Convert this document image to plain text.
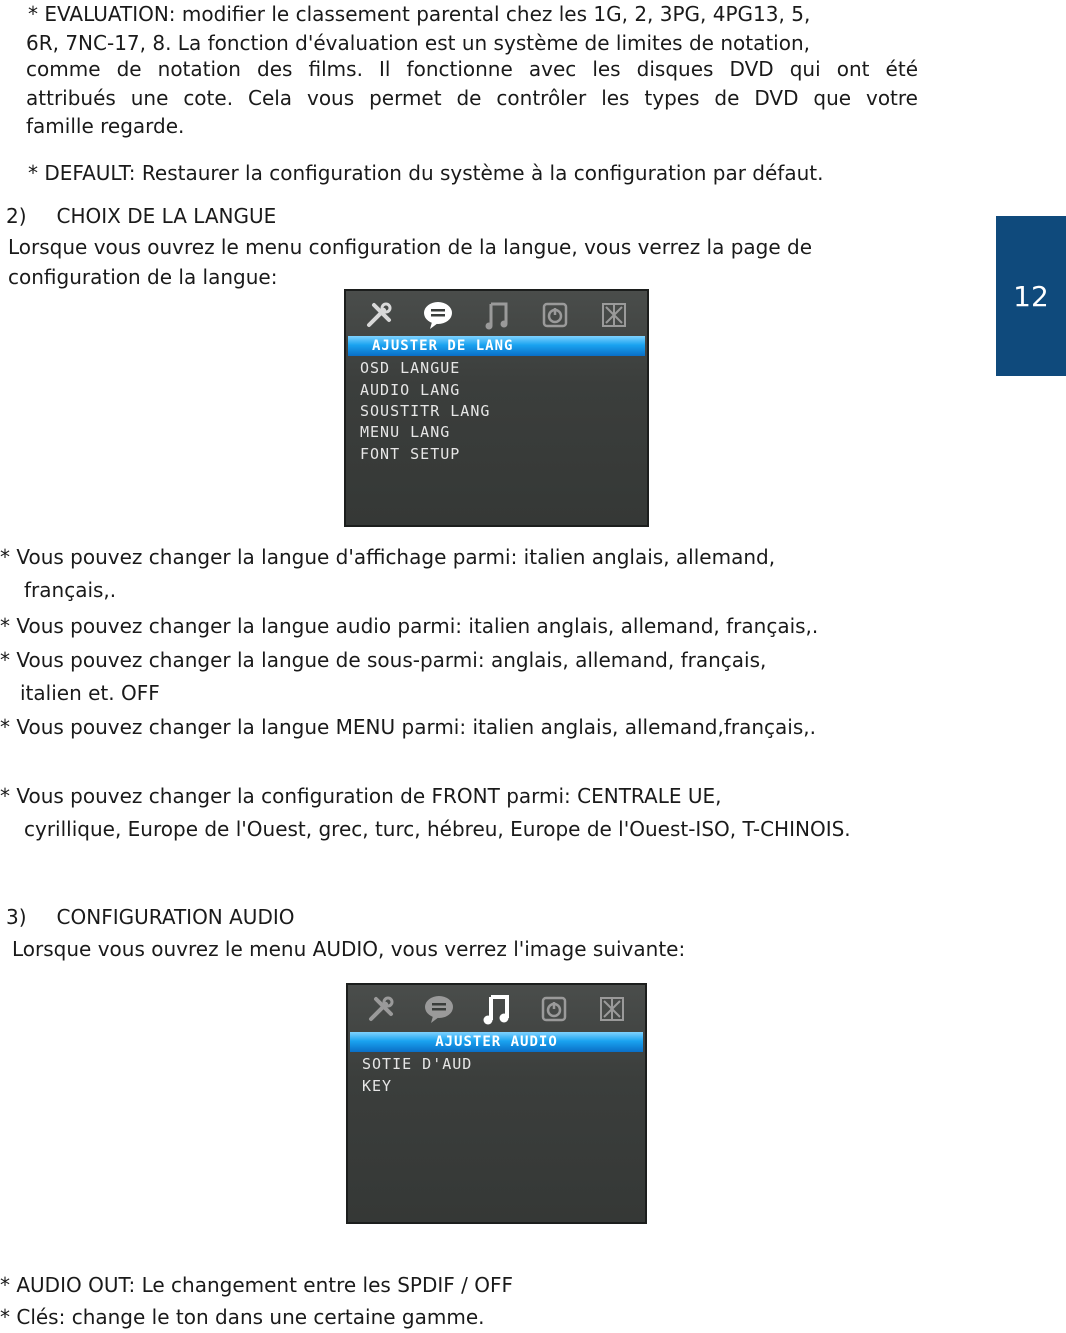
12
* EVALUATION: modifier le classement parental chez les 1G, 2, 3PG, 4PG13, 5,
6R, 7NC-17, 8. La fonction d'évaluation est un système de limites de notation,
comme de notation des films. Il fonctionne avec les disques DVD qui ont été
attribués une cote. Cela vous permet de contrôler les types de DVD que votre
famille regarde.
* DEFAULT: Restaurer la configuration du système à la configuration par défaut.
2) CHOIX DE LA LANGUE
Lorsque vous ouvrez le menu configuration de la langue, vous verrez la page de
configuration de la langue:
AJUSTER DE LANG
OSD LANGUE
AUDIO LANG
SOUSTITR LANG
MENU LANG
FONT SETUP
* Vous pouvez changer la langue d'affichage parmi: italien anglais, allemand,
français,.
* Vous pouvez changer la langue audio parmi: italien anglais, allemand, français,.
* Vous pouvez changer la langue de sous-parmi: anglais, allemand, français,
italien et. OFF
* Vous pouvez changer la langue MENU parmi: italien anglais, allemand,français,.
* Vous pouvez changer la configuration de FRONT parmi: CENTRALE UE,
cyrillique, Europe de l'Ouest, grec, turc, hébreu, Europe de l'Ouest-ISO, T-CHINOIS.
3) CONFIGURATION AUDIO
Lorsque vous ouvrez le menu AUDIO, vous verrez l'image suivante:
AJUSTER AUDIO
SOTIE D'AUD
KEY
* AUDIO OUT: Le changement entre les SPDIF / OFF
* Clés: change le ton dans une certaine gamme.
